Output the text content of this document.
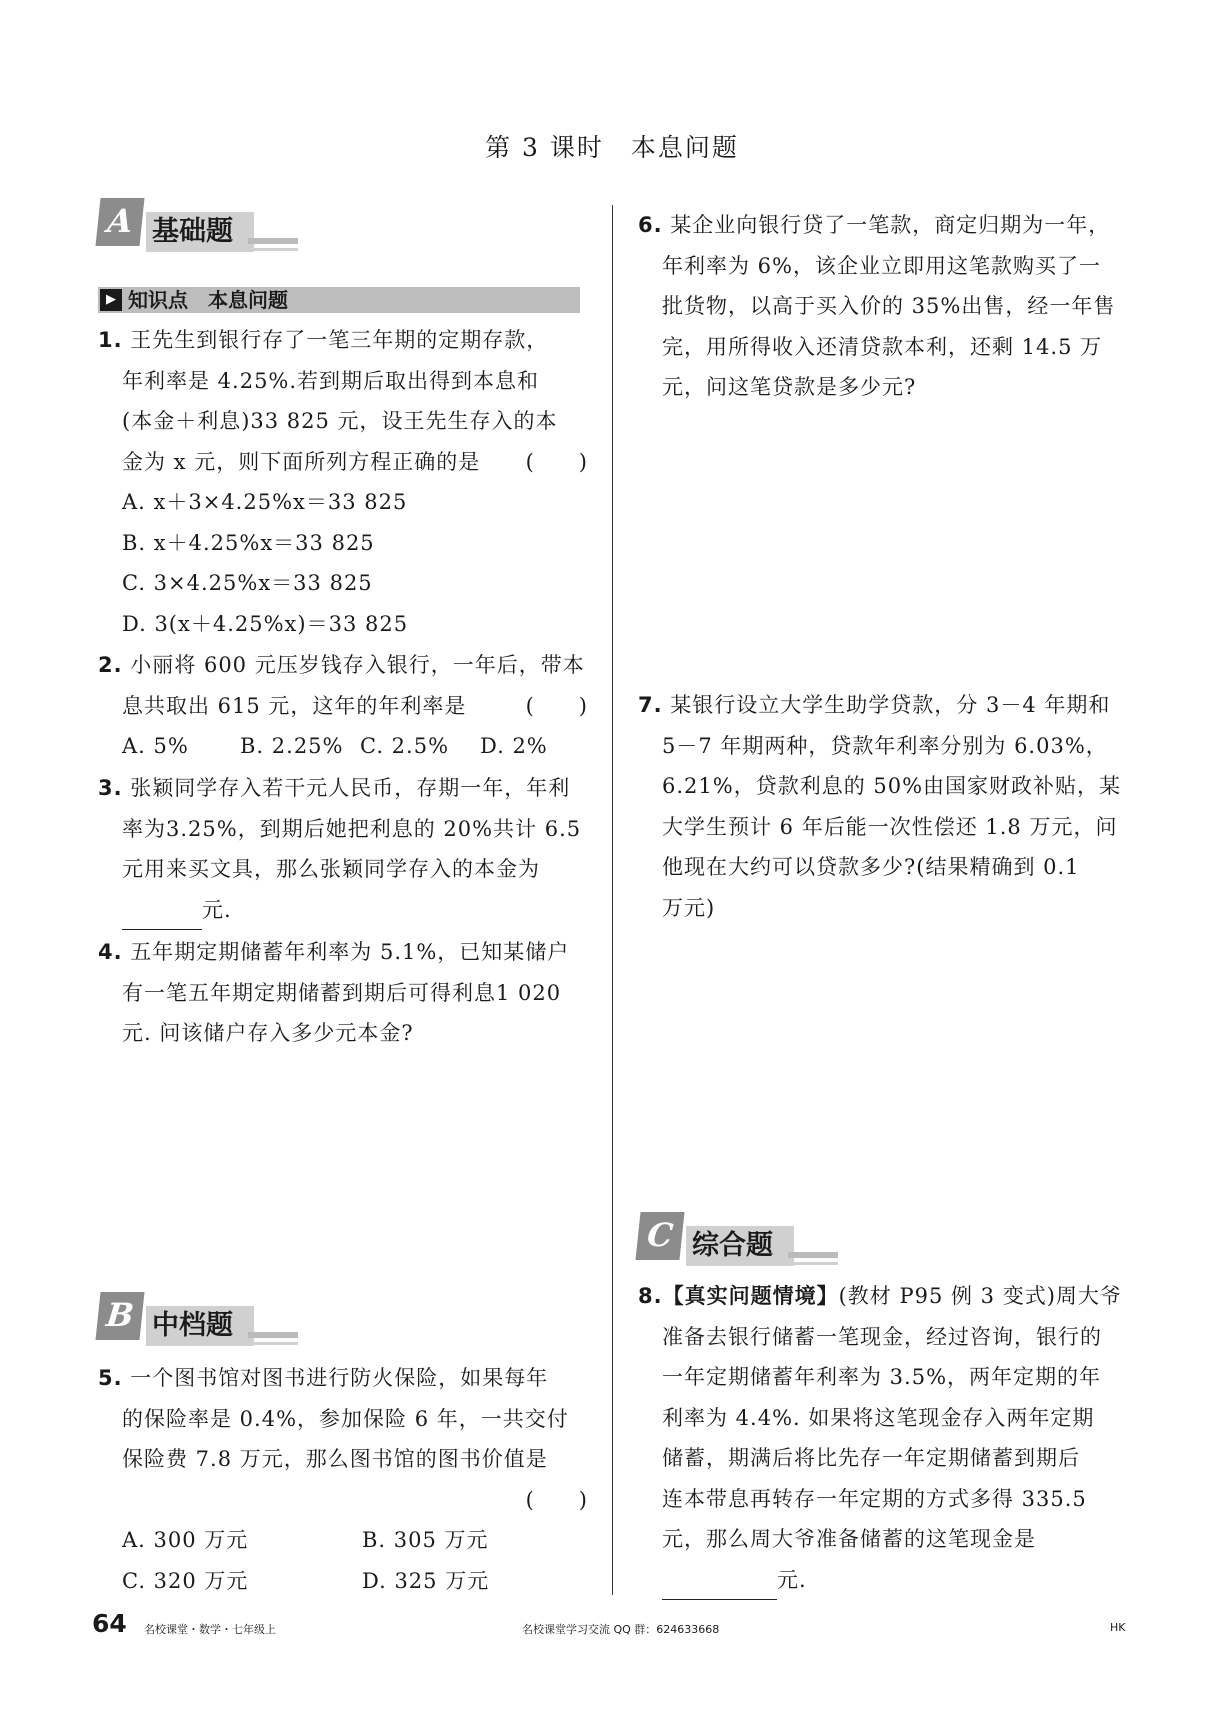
第 3 课时　本息问题
A 基础题
▶ 知识点　本息问题
1. 王先生到银行存了一笔三年期的定期存款，
年利率是 4.25%.若到期后取出得到本息和
(本金＋利息)33 825 元，设王先生存入的本
金为 x 元，则下面所列方程正确的是 (　　)
A. x＋3×4.25%x＝33 825
B. x＋4.25%x＝33 825
C. 3×4.25%x＝33 825
D. 3(x＋4.25%x)＝33 825
2. 小丽将 600 元压岁钱存入银行，一年后，带本
息共取出 615 元，这年的年利率是	(　　)
A. 5% B. 2.25% C. 2.5% D. 2%
3. 张颖同学存入若干元人民币，存期一年，年利
率为3.25%，到期后她把利息的 20%共计 6.5
元用来买文具，那么张颖同学存入的本金为
元.
4. 五年期定期储蓄年利率为 5.1%，已知某储户
有一笔五年期定期储蓄到期后可得利息1 020
元. 问该储户存入多少元本金?
B 中档题
5. 一个图书馆对图书进行防火保险，如果每年
的保险率是 0.4%，参加保险 6 年，一共交付
保险费 7.8 万元，那么图书馆的图书价值是
(　　)
A. 300 万元	B. 305 万元
C. 320 万元	D. 325 万元
6. 某企业向银行贷了一笔款，商定归期为一年，
年利率为 6%，该企业立即用这笔款购买了一
批货物，以高于买入价的 35%出售，经一年售
完，用所得收入还清贷款本利，还剩 14.5 万
元，问这笔贷款是多少元?
7. 某银行设立大学生助学贷款，分 3－4 年期和
5－7 年期两种，贷款年利率分别为 6.03%，
6.21%，贷款利息的 50%由国家财政补贴，某
大学生预计 6 年后能一次性偿还 1.8 万元，问
他现在大约可以贷款多少?(结果精确到 0.1
万元)
C 综合题
8.【真实问题情境】(教材 P95 例 3 变式)周大爷
准备去银行储蓄一笔现金，经过咨询，银行的
一年定期储蓄年利率为 3.5%，两年定期的年
利率为 4.4%. 如果将这笔现金存入两年定期
储蓄，期满后将比先存一年定期储蓄到期后
连本带息再转存一年定期的方式多得 335.5
元，那么周大爷准备储蓄的这笔现金是
元.
64 名校课堂・数学・七年级上	名校课堂学习交流 QQ 群：624633668	HK
